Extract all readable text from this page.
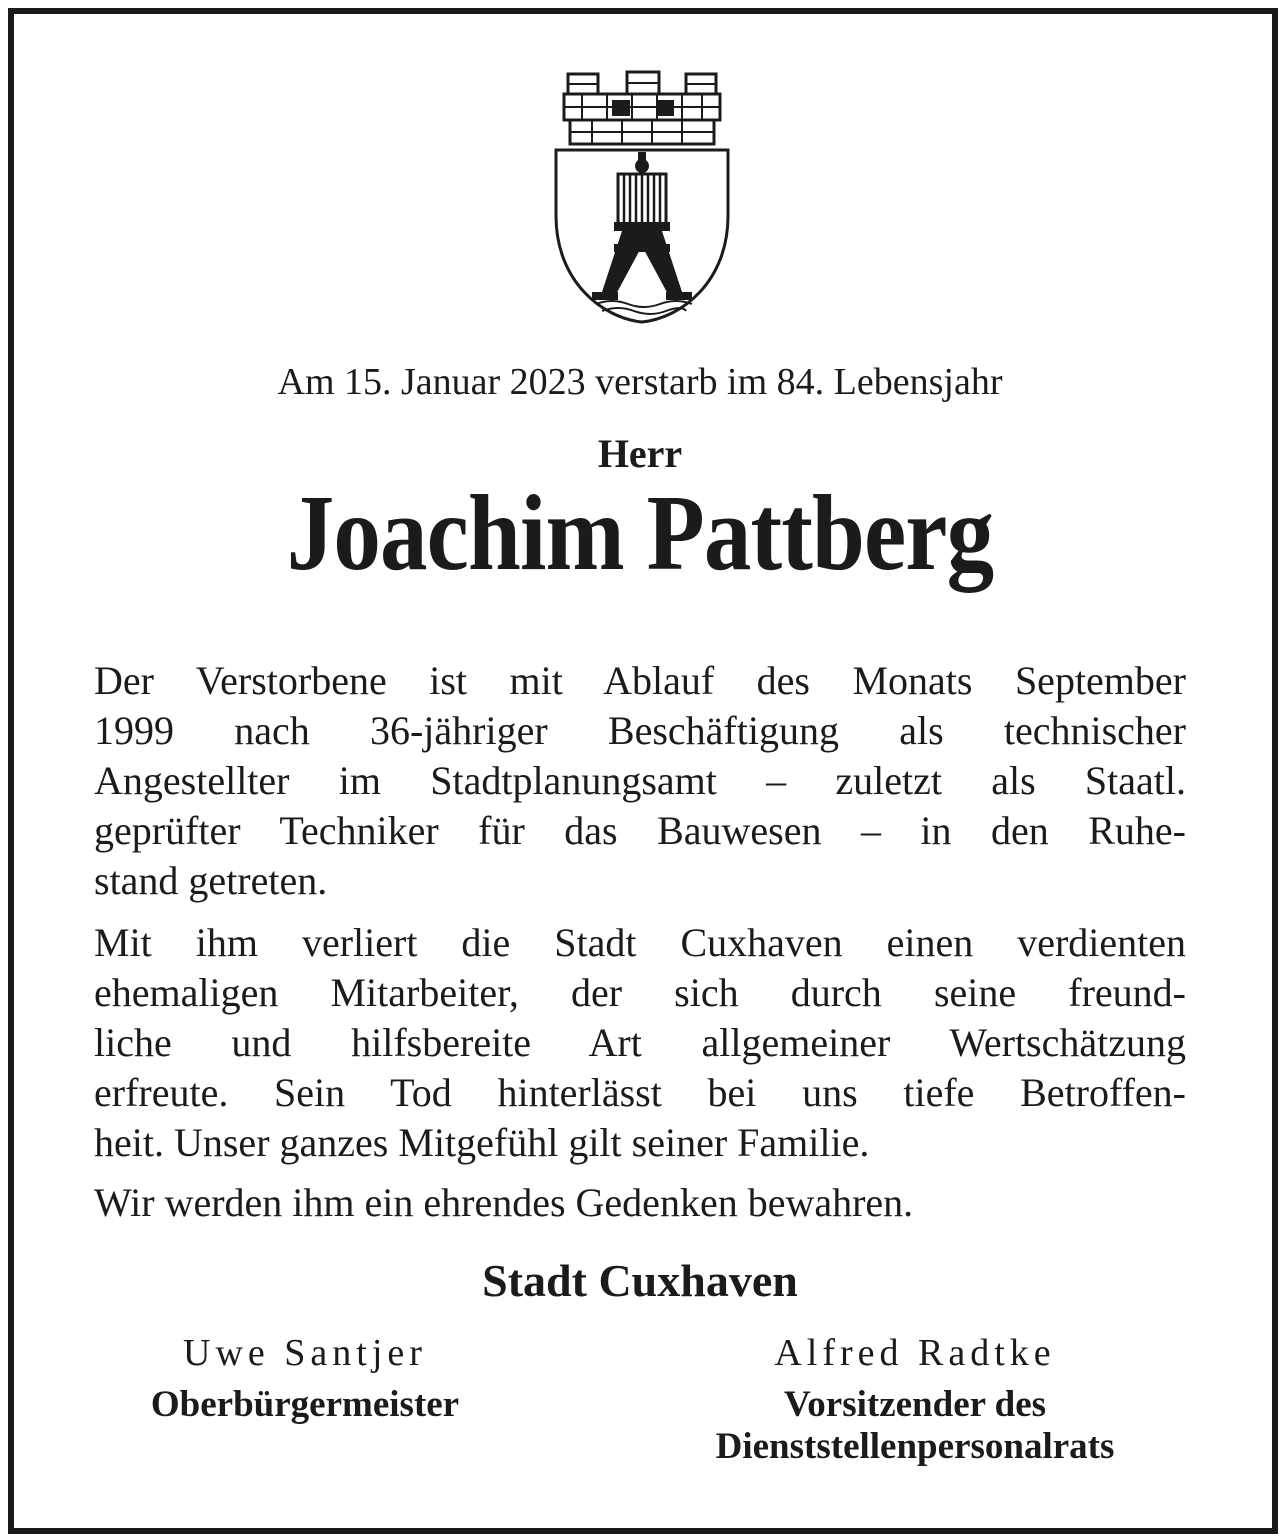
Am 15. Januar 2023 verstarb im 84. Lebensjahr
Herr
Joachim Pattberg
Der Verstorbene ist mit Ablauf des Monats September
1999 nach 36-jähriger Beschäftigung als technischer
Angestellter im Stadtplanungsamt – zuletzt als Staatl.
geprüfter Techniker für das Bauwesen – in den Ruhe-
stand getreten.
Mit ihm verliert die Stadt Cuxhaven einen verdienten
ehemaligen Mitarbeiter, der sich durch seine freund-
liche und hilfsbereite Art allgemeiner Wertschätzung
erfreute. Sein Tod hinterlässt bei uns tiefe Betroffen-
heit. Unser ganzes Mitgefühl gilt seiner Familie.
Wir werden ihm ein ehrendes Gedenken bewahren.
Stadt Cuxhaven
Uwe Santjer
Oberbürgermeister
Alfred Radtke
Vorsitzender des
Dienststellenpersonalrats
